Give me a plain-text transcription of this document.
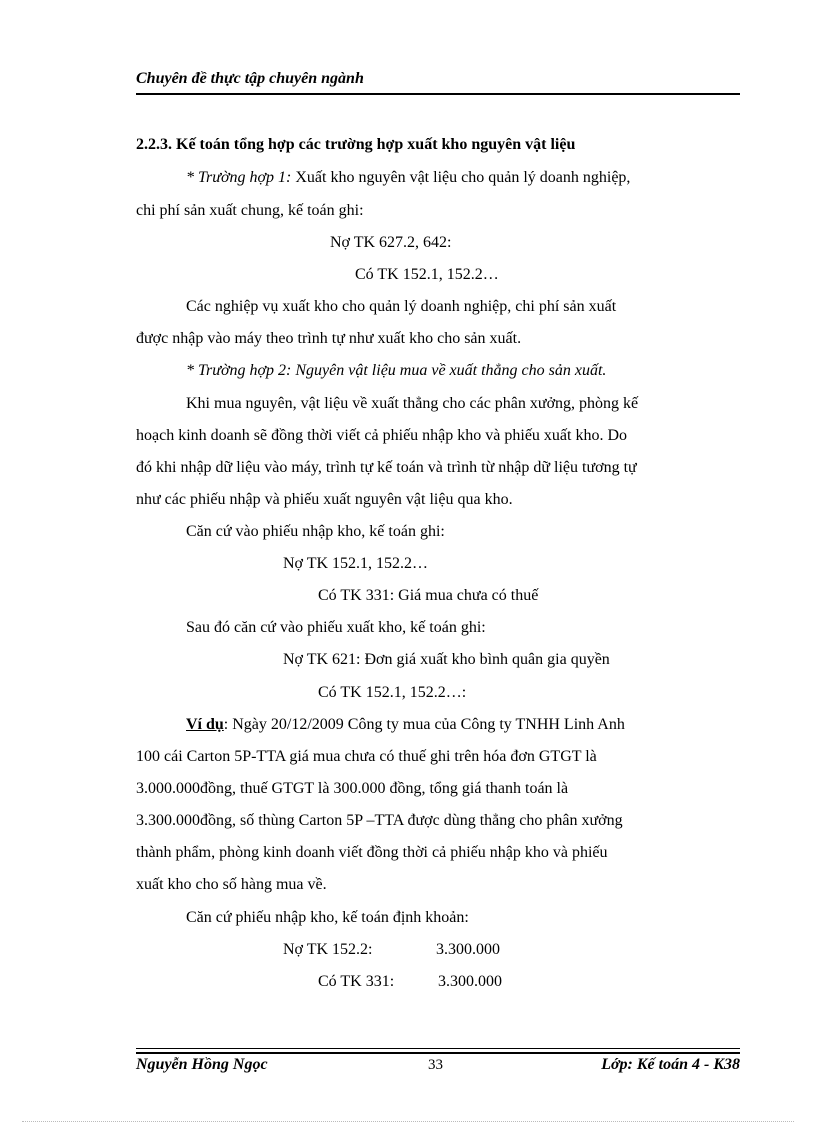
Chuyên đề thực tập chuyên ngành
2.2.3. Kế toán tổng hợp các trường hợp xuất kho nguyên vật liệu
* Trường hợp 1: Xuất kho nguyên vật liệu cho quản lý doanh nghiệp,
chi phí sản xuất chung, kế toán ghi:
Nợ TK 627.2, 642:
Có TK 152.1, 152.2…
Các nghiệp vụ xuất kho cho quản lý doanh nghiệp, chi phí sản xuất
được nhập vào máy theo trình tự như xuất kho cho sản xuất.
* Trường hợp 2: Nguyên vật liệu mua về xuất thẳng cho sản xuất.
Khi mua nguyên, vật liệu về xuất thẳng cho các phân xưởng, phòng kế
hoạch kinh doanh sẽ đồng thời viết cả phiếu nhập kho và phiếu xuất kho. Do
đó khi nhập dữ liệu vào máy, trình tự kế toán và trình từ nhập dữ liệu tương tự
như các phiếu nhập và phiếu xuất nguyên vật liệu qua kho.
Căn cứ vào phiếu nhập kho, kế toán ghi:
Nợ TK 152.1, 152.2…
Có TK 331: Giá mua chưa có thuế
Sau đó căn cứ vào phiếu xuất kho, kế toán ghi:
Nợ TK 621: Đơn giá xuất kho bình quân gia quyền
Có TK 152.1, 152.2…:
Ví dụ: Ngày 20/12/2009 Công ty mua của Công ty TNHH Linh Anh
100 cái Carton 5P-TTA giá mua chưa có thuế ghi trên hóa đơn GTGT là
3.000.000đồng, thuế GTGT là 300.000 đồng, tổng giá thanh toán là
3.300.000đồng, số thùng Carton 5P –TTA được dùng thẳng cho phân xưởng
thành phẩm, phòng kinh doanh viết đồng thời cả phiếu nhập kho và phiếu
xuất kho cho số hàng mua về.
Căn cứ phiếu nhập kho, kế toán định khoản:
Nợ TK 152.2:	3.300.000
Có TK 331:	3.300.000
Nguyễn Hồng Ngọc	33	Lớp: Kế toán 4 - K38
